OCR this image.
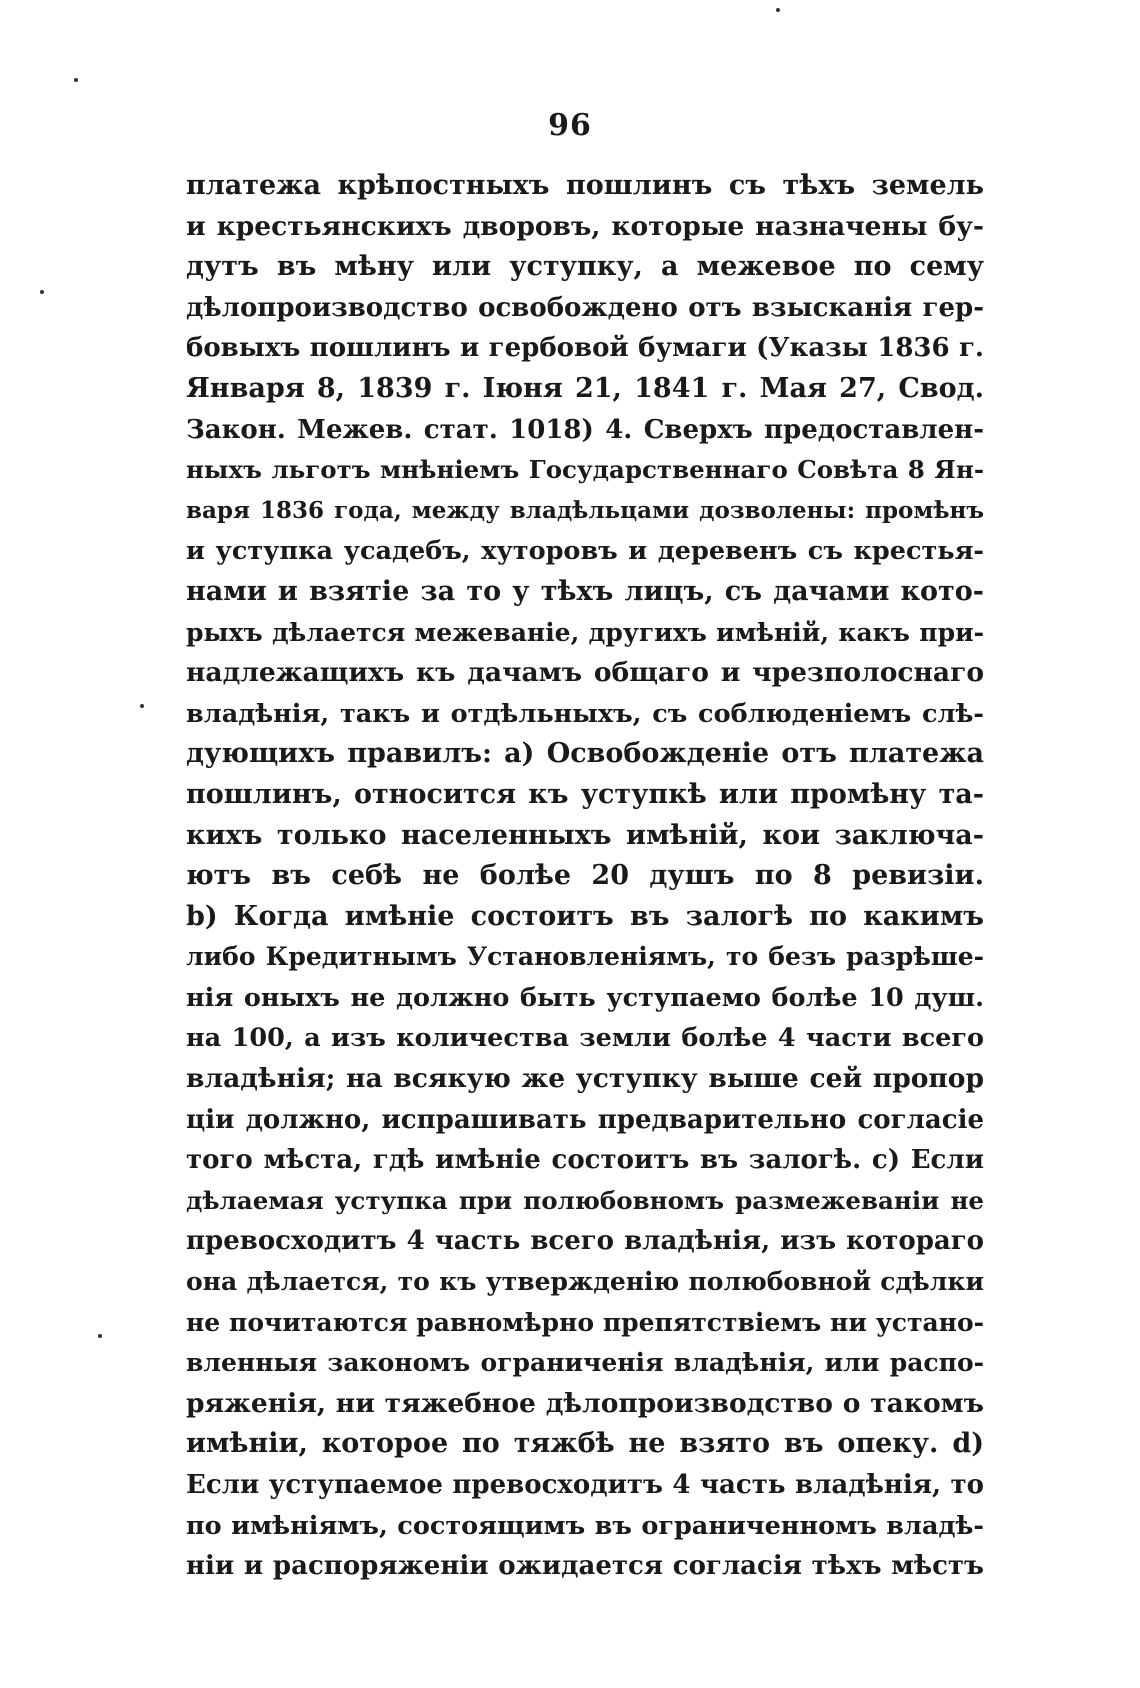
96
платежа крѣпостныхъ пошлинъ съ тѣхъ земель
и крестьянскихъ дворовъ, которые назначены бу-
дутъ въ мѣну или уступку, а межевое по сему
дѣлопроизводство освобождено отъ взысканія гер-
бовыхъ пошлинъ и гербовой бумаги (Указы 1836 г.
Января 8, 1839 г. Іюня 21, 1841 г. Мая 27, Свод.
Закон. Межев. стат. 1018) 4. Сверхъ предоставлен-
ныхъ льготъ мнѣніемъ Государственнаго Совѣта 8 Ян-
варя 1836 года, между владѣльцами дозволены: промѣнъ
и уступка усадебъ, хуторовъ и деревенъ съ крестья-
нами и взятіе за то у тѣхъ лицъ, съ дачами кото-
рыхъ дѣлается межеваніе, другихъ имѣній, какъ при-
надлежащихъ къ дачамъ общаго и чрезполоснаго
владѣнія, такъ и отдѣльныхъ, съ соблюденіемъ слѣ-
дующихъ правилъ: a) Освобожденіе отъ платежа
пошлинъ, относится къ уступкѣ или промѣну та-
кихъ только населенныхъ имѣній, кои заключа-
ютъ въ себѣ не болѣе 20 душъ по 8 ревизіи.
b) Когда имѣніе состоитъ въ залогѣ по какимъ
либо Кредитнымъ Установленіямъ, то безъ разрѣше-
нія оныхъ не должно быть уступаемо болѣе 10 душ.
на 100, а изъ количества земли болѣе 4 части всего
владѣнія; на всякую же уступку выше сей пропор
ціи должно, испрашивать предварительно согласіе
того мѣста, гдѣ имѣніе состоитъ въ залогѣ. c) Если
дѣлаемая уступка при полюбовномъ размежеваніи не
превосходитъ 4 часть всего владѣнія, изъ котораго
она дѣлается, то къ утвержденію полюбовной сдѣлки
не почитаются равномѣрно препятствіемъ ни устано-
вленныя закономъ ограниченія владѣнія, или распо-
ряженія, ни тяжебное дѣлопроизводство о такомъ
имѣніи, которое по тяжбѣ не взято въ опеку. d)
Если уступаемое превосходитъ 4 часть владѣнія, то
по имѣніямъ, состоящимъ въ ограниченномъ владѣ-
ніи и распоряженіи ожидается согласія тѣхъ мѣстъ
